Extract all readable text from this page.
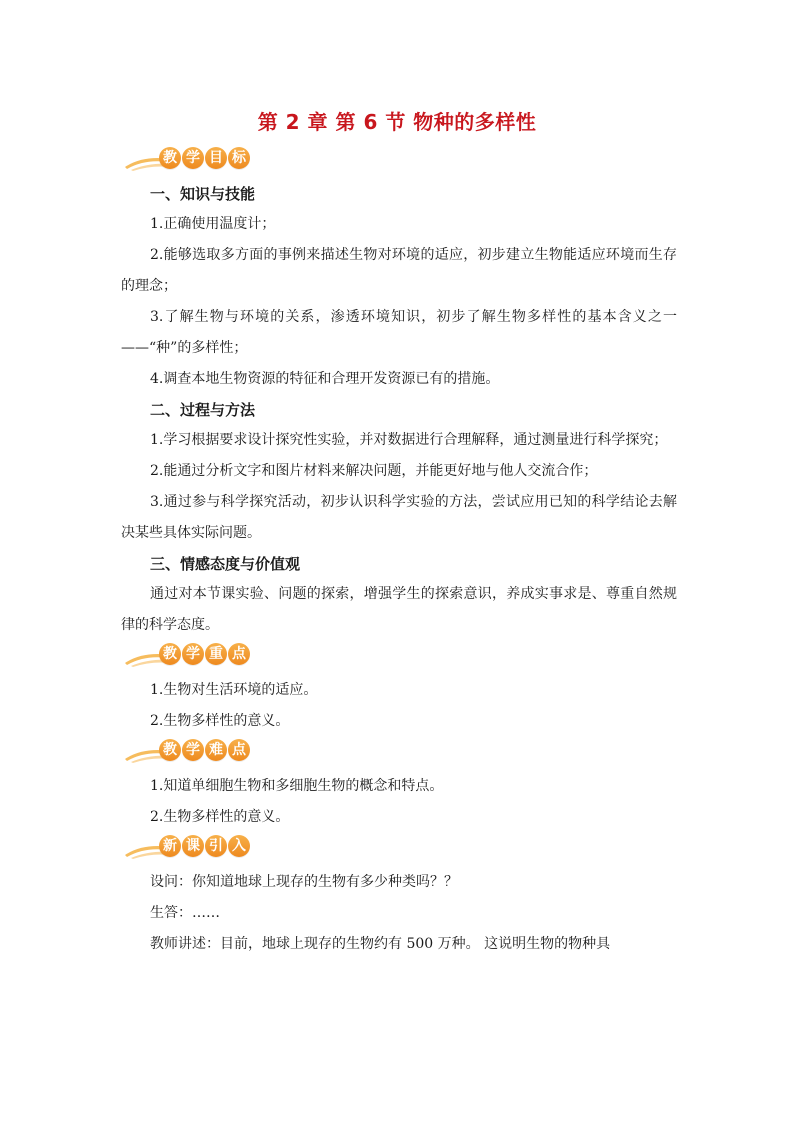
第 2 章 第 6 节 物种的多样性
教 学 目 标
一、知识与技能
1.正确使用温度计；
2.能够选取多方面的事例来描述生物对环境的适应，初步建立生物能适应环境而生存的理念；
3.了解生物与环境的关系，渗透环境知识，初步了解生物多样性的基本含义之一——“种”的多样性；
4.调查本地生物资源的特征和合理开发资源已有的措施。
二、过程与方法
1.学习根据要求设计探究性实验，并对数据进行合理解释，通过测量进行科学探究；
2.能通过分析文字和图片材料来解决问题，并能更好地与他人交流合作；
3.通过参与科学探究活动，初步认识科学实验的方法，尝试应用已知的科学结论去解决某些具体实际问题。
三、情感态度与价值观
通过对本节课实验、问题的探索，增强学生的探索意识，养成实事求是、尊重自然规律的科学态度。
教 学 重 点
1.生物对生活环境的适应。
2.生物多样性的意义。
教 学 难 点
1.知道单细胞生物和多细胞生物的概念和特点。
2.生物多样性的意义。
新 课 引 入
设问：你知道地球上现存的生物有多少种类吗？？
生答：……
教师讲述：目前，地球上现存的生物约有 500 万种。 这说明生物的物种具
